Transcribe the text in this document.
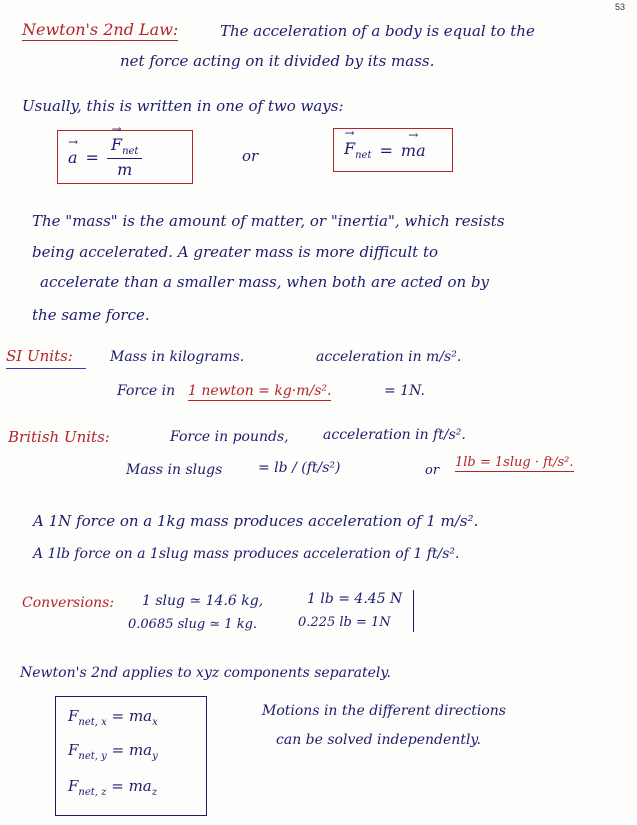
53
Newton's 2nd Law:	The acceleration of a body is equal to the
net force acting on it divided by its mass.
Usually, this is written in one of two ways:
→ a = → $\frac{F_{net}}{m}$	or	→ $F_{net}$ = → ma
The "mass" is the amount of matter, or "inertia", which resists
being accelerated. A greater mass is more difficult to
accelerate than a smaller mass, when both are acted on by
the same force.
SI Units:	Mass in kilograms.	acceleration in m/s².
Force in 1 newton = kg·m/s².	= 1N.
British Units:	Force in pounds, acceleration in ft/s².
Mass in slugs	= lb / (ft/s²)	or
1lb = 1slug · ft/s².
A 1N force on a 1kg mass produces acceleration of 1 m/s².
A 1lb force on a 1slug mass produces acceleration of 1 ft/s².
Conversions: 1 slug ≃ 14.6 kg,	1 lb = 4.45 N
0.0685 slug ≃ 1 kg.	0.225 lb = 1N
Newton's 2nd applies to xyz components separately.
$F_{net, x} = ma_x$
$F_{net, y} = ma_y$
$F_{net, z} = ma_z$
Motions in the different directions
can be solved independently.
